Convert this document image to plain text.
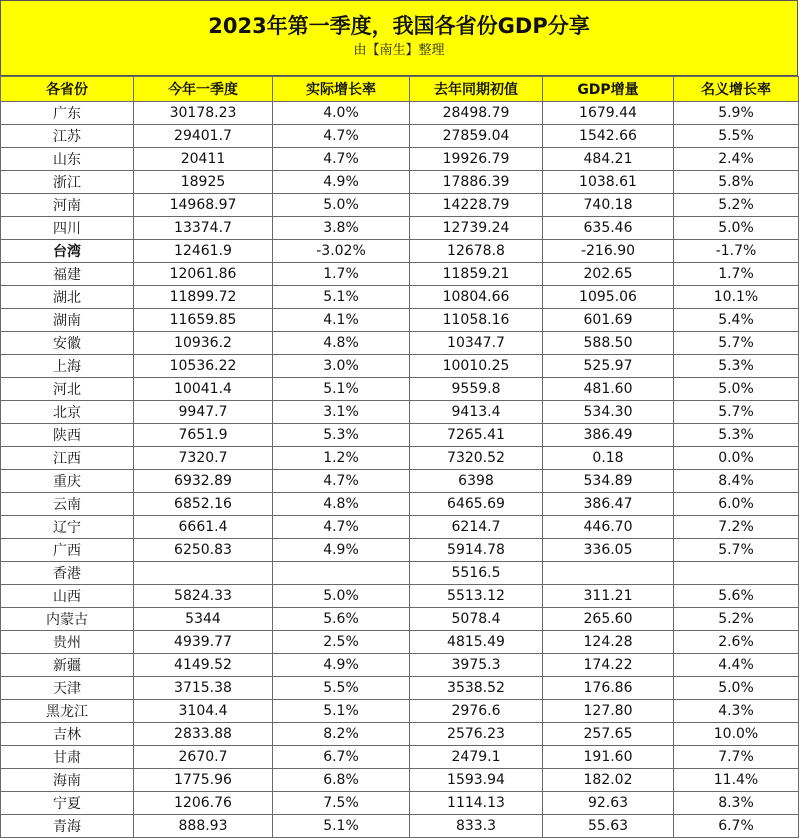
2023年第一季度，我国各省份GDP分享
由【南生】整理
各省份	今年一季度	实际增长率	去年同期初值	GDP增量	名义增长率
广东	30178.23	4.0%	28498.79	1679.44	5.9%
江苏	29401.7	4.7%	27859.04	1542.66	5.5%
山东	20411	4.7%	19926.79	484.21	2.4%
浙江	18925	4.9%	17886.39	1038.61	5.8%
河南	14968.97	5.0%	14228.79	740.18	5.2%
四川	13374.7	3.8%	12739.24	635.46	5.0%
台湾	12461.9	-3.02%	12678.8	-216.90	-1.7%
福建	12061.86	1.7%	11859.21	202.65	1.7%
湖北	11899.72	5.1%	10804.66	1095.06	10.1%
湖南	11659.85	4.1%	11058.16	601.69	5.4%
安徽	10936.2	4.8%	10347.7	588.50	5.7%
上海	10536.22	3.0%	10010.25	525.97	5.3%
河北	10041.4	5.1%	9559.8	481.60	5.0%
北京	9947.7	3.1%	9413.4	534.30	5.7%
陕西	7651.9	5.3%	7265.41	386.49	5.3%
江西	7320.7	1.2%	7320.52	0.18	0.0%
重庆	6932.89	4.7%	6398	534.89	8.4%
云南	6852.16	4.8%	6465.69	386.47	6.0%
辽宁	6661.4	4.7%	6214.7	446.70	7.2%
广西	6250.83	4.9%	5914.78	336.05	5.7%
香港			5516.5		
山西	5824.33	5.0%	5513.12	311.21	5.6%
内蒙古	5344	5.6%	5078.4	265.60	5.2%
贵州	4939.77	2.5%	4815.49	124.28	2.6%
新疆	4149.52	4.9%	3975.3	174.22	4.4%
天津	3715.38	5.5%	3538.52	176.86	5.0%
黑龙江	3104.4	5.1%	2976.6	127.80	4.3%
吉林	2833.88	8.2%	2576.23	257.65	10.0%
甘肃	2670.7	6.7%	2479.1	191.60	7.7%
海南	1775.96	6.8%	1593.94	182.02	11.4%
宁夏	1206.76	7.5%	1114.13	92.63	8.3%
青海	888.93	5.1%	833.3	55.63	6.7%
